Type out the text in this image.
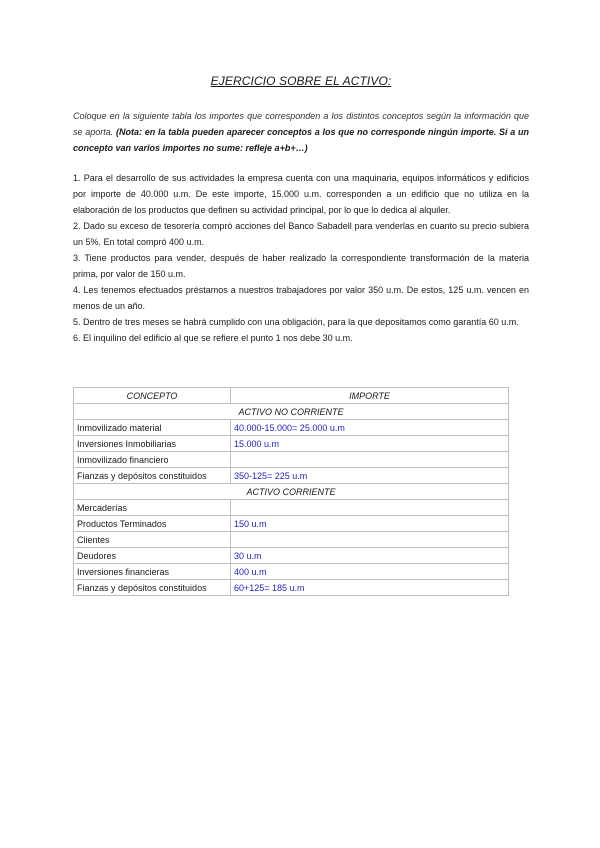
EJERCICIO SOBRE EL ACTIVO:
Coloque en la siguiente tabla los importes que corresponden a los distintos conceptos según la información que se aporta. (Nota: en la tabla pueden aparecer conceptos a los que no corresponde ningún importe. Si a un concepto van varios importes no sume: refleje a+b+…)

1. Para el desarrollo de sus actividades la empresa cuenta con una maquinaria, equipos informáticos y edificios por importe de 40.000 u.m. De este importe, 15.000 u.m. corresponden a un edificio que no utiliza en la elaboración de los productos que definen su actividad principal, por lo que lo dedica al alquiler.

2. Dado su exceso de tesorería compró acciones del Banco Sabadell para venderlas en cuanto su precio subiera un 5%. En total compró 400 u.m.

3. Tiene productos para vender, después de haber realizado la correspondiente transformación de la materia prima, por valor de 150 u.m.

4. Les tenemos efectuados préstamos a nuestros trabajadores por valor 350 u.m. De estos, 125 u.m. vencen en menos de un año.

5. Dentro de tres meses se habrá cumplido con una obligación, para la que depositamos como garantía 60 u.m.

6. El inquilino del edificio al que se refiere el punto 1 nos debe 30 u.m.

CONCEPTO	IMPORTE
ACTIVO NO CORRIENTE	
Inmovilizado material	40.000-15.000= 25.000 u.m
Inversiones Inmobiliarias	15.000 u.m
Inmovilizado financiero	
Fianzas y depósitos constituidos	350-125= 225 u.m
ACTIVO CORRIENTE	
Mercaderías	
Productos Terminados	150 u.m
Clientes	
Deudores	30 u.m
Inversiones financieras	400 u.m
Fianzas y depósitos constituidos	60+125= 185 u.m
